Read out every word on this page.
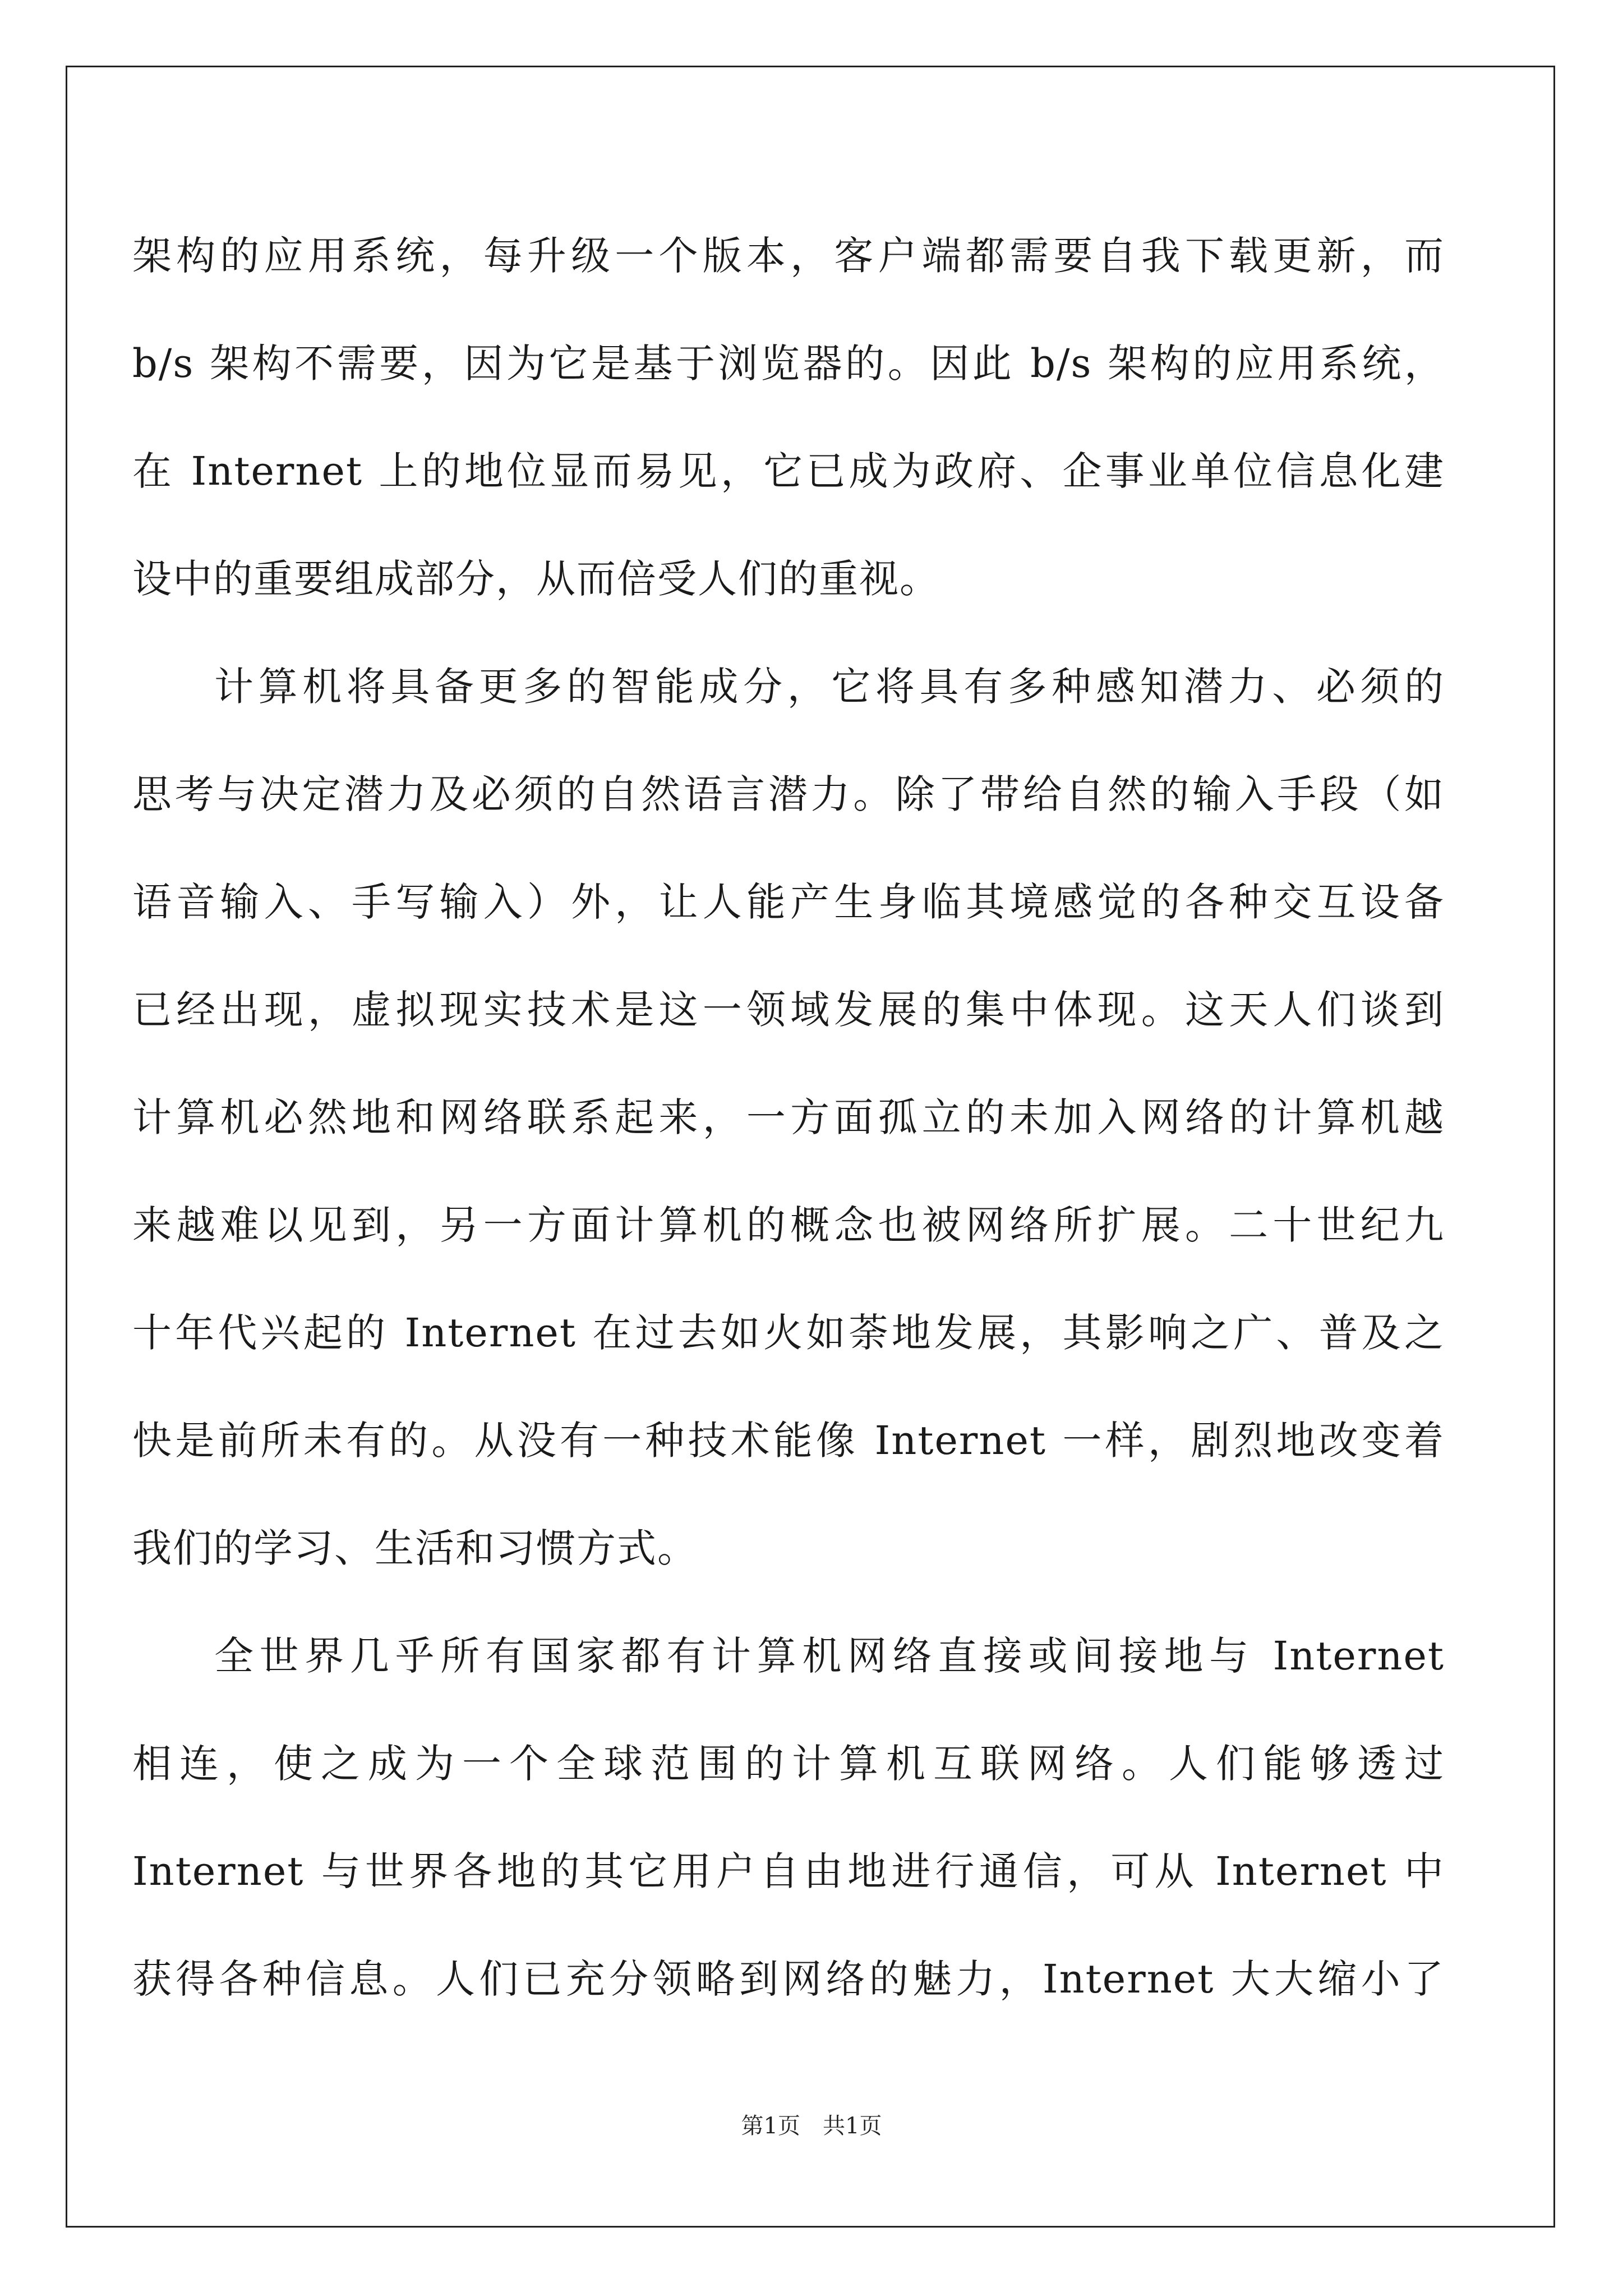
架构的应用系统，每升级一个版本，客户端都需要自我下载更新，而
b/s 架构不需要，因为它是基于浏览器的。因此 b/s 架构的应用系统，
在 Internet 上的地位显而易见，它已成为政府、企事业单位信息化建
设中的重要组成部分，从而倍受人们的重视。
计算机将具备更多的智能成分，它将具有多种感知潜力、必须的
思考与决定潜力及必须的自然语言潜力。除了带给自然的输入手段（如
语音输入、手写输入）外，让人能产生身临其境感觉的各种交互设备
已经出现，虚拟现实技术是这一领域发展的集中体现。这天人们谈到
计算机必然地和网络联系起来，一方面孤立的未加入网络的计算机越
来越难以见到，另一方面计算机的概念也被网络所扩展。二十世纪九
十年代兴起的 Internet 在过去如火如荼地发展，其影响之广、普及之
快是前所未有的。从没有一种技术能像 Internet 一样，剧烈地改变着
我们的学习、生活和习惯方式。
全世界几乎所有国家都有计算机网络直接或间接地与 Internet
相连，使之成为一个全球范围的计算机互联网络。人们能够透过
Internet 与世界各地的其它用户自由地进行通信，可从 Internet 中
获得各种信息。人们已充分领略到网络的魅力，Internet 大大缩小了
第1页　共1页
